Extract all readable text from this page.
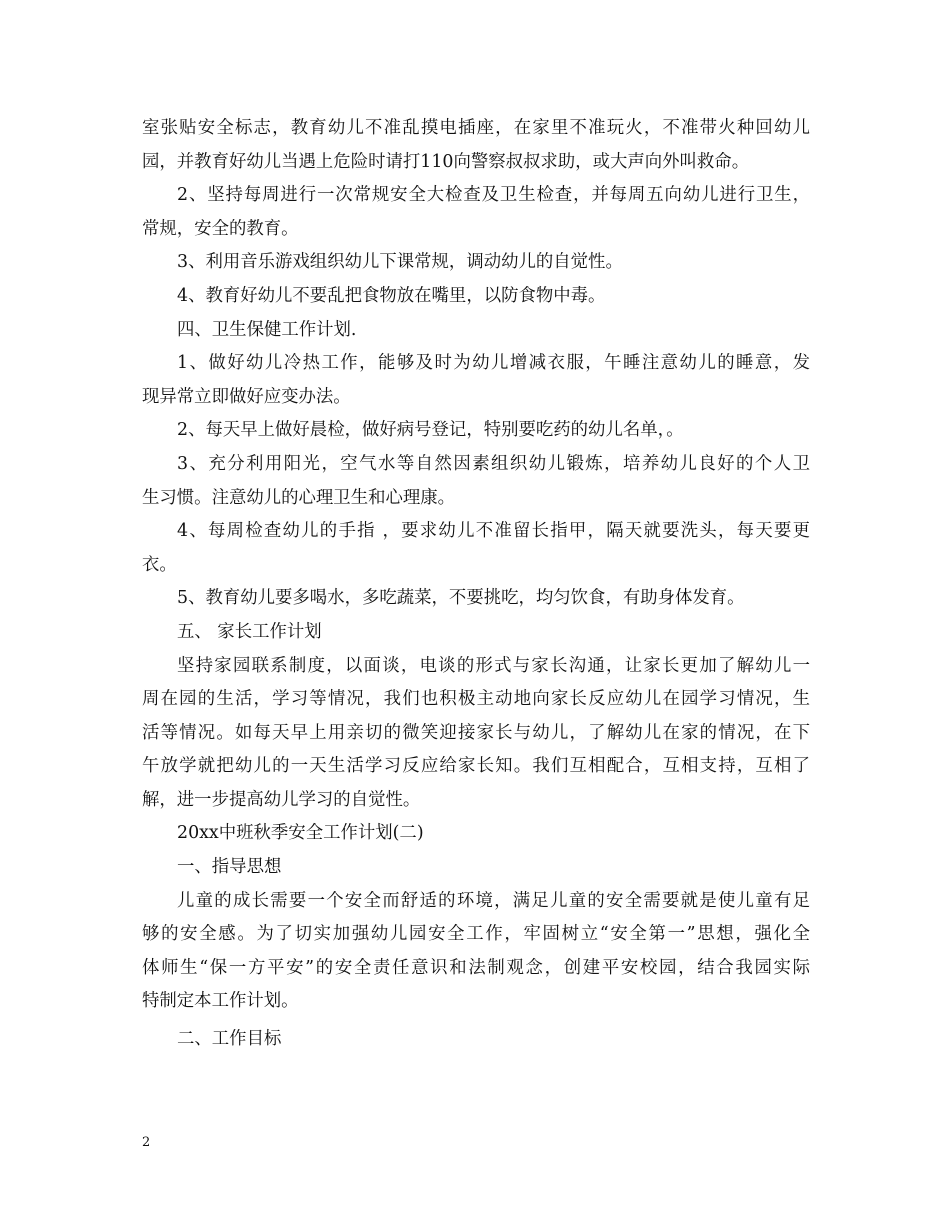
室张贴安全标志，教育幼儿不准乱摸电插座，在家里不准玩火，不准带火种回幼儿
园，并教育好幼儿当遇上危险时请打110向警察叔叔求助，或大声向外叫救命。
2、坚持每周进行一次常规安全大检查及卫生检查，并每周五向幼儿进行卫生，
常规，安全的教育。
3、利用音乐游戏组织幼儿下课常规，调动幼儿的自觉性。
4、教育好幼儿不要乱把食物放在嘴里，以防食物中毒。
四、卫生保健工作计划.
1、做好幼儿冷热工作，能够及时为幼儿增减衣服，午睡注意幼儿的睡意，发
现异常立即做好应变办法。
2、每天早上做好晨检，做好病号登记，特别要吃药的幼儿名单，。
3、充分利用阳光，空气水等自然因素组织幼儿锻炼，培养幼儿良好的个人卫
生习惯。注意幼儿的心理卫生和心理康。
4、每周检查幼儿的手指 ，要求幼儿不准留长指甲，隔天就要洗头，每天要更
衣。
5、教育幼儿要多喝水，多吃蔬菜，不要挑吃，均匀饮食，有助身体发育。
五、 家长工作计划
坚持家园联系制度，以面谈，电谈的形式与家长沟通，让家长更加了解幼儿一
周在园的生活，学习等情况，我们也积极主动地向家长反应幼儿在园学习情况，生
活等情况。如每天早上用亲切的微笑迎接家长与幼儿，了解幼儿在家的情况，在下
午放学就把幼儿的一天生活学习反应给家长知。我们互相配合，互相支持，互相了
解，进一步提高幼儿学习的自觉性。
20xx中班秋季安全工作计划(二)
一、指导思想
儿童的成长需要一个安全而舒适的环境，满足儿童的安全需要就是使儿童有足
够的安全感。为了切实加强幼儿园安全工作，牢固树立“安全第一”思想，强化全
体师生“保一方平安”的安全责任意识和法制观念，创建平安校园，结合我园实际
特制定本工作计划。
二、工作目标
2
